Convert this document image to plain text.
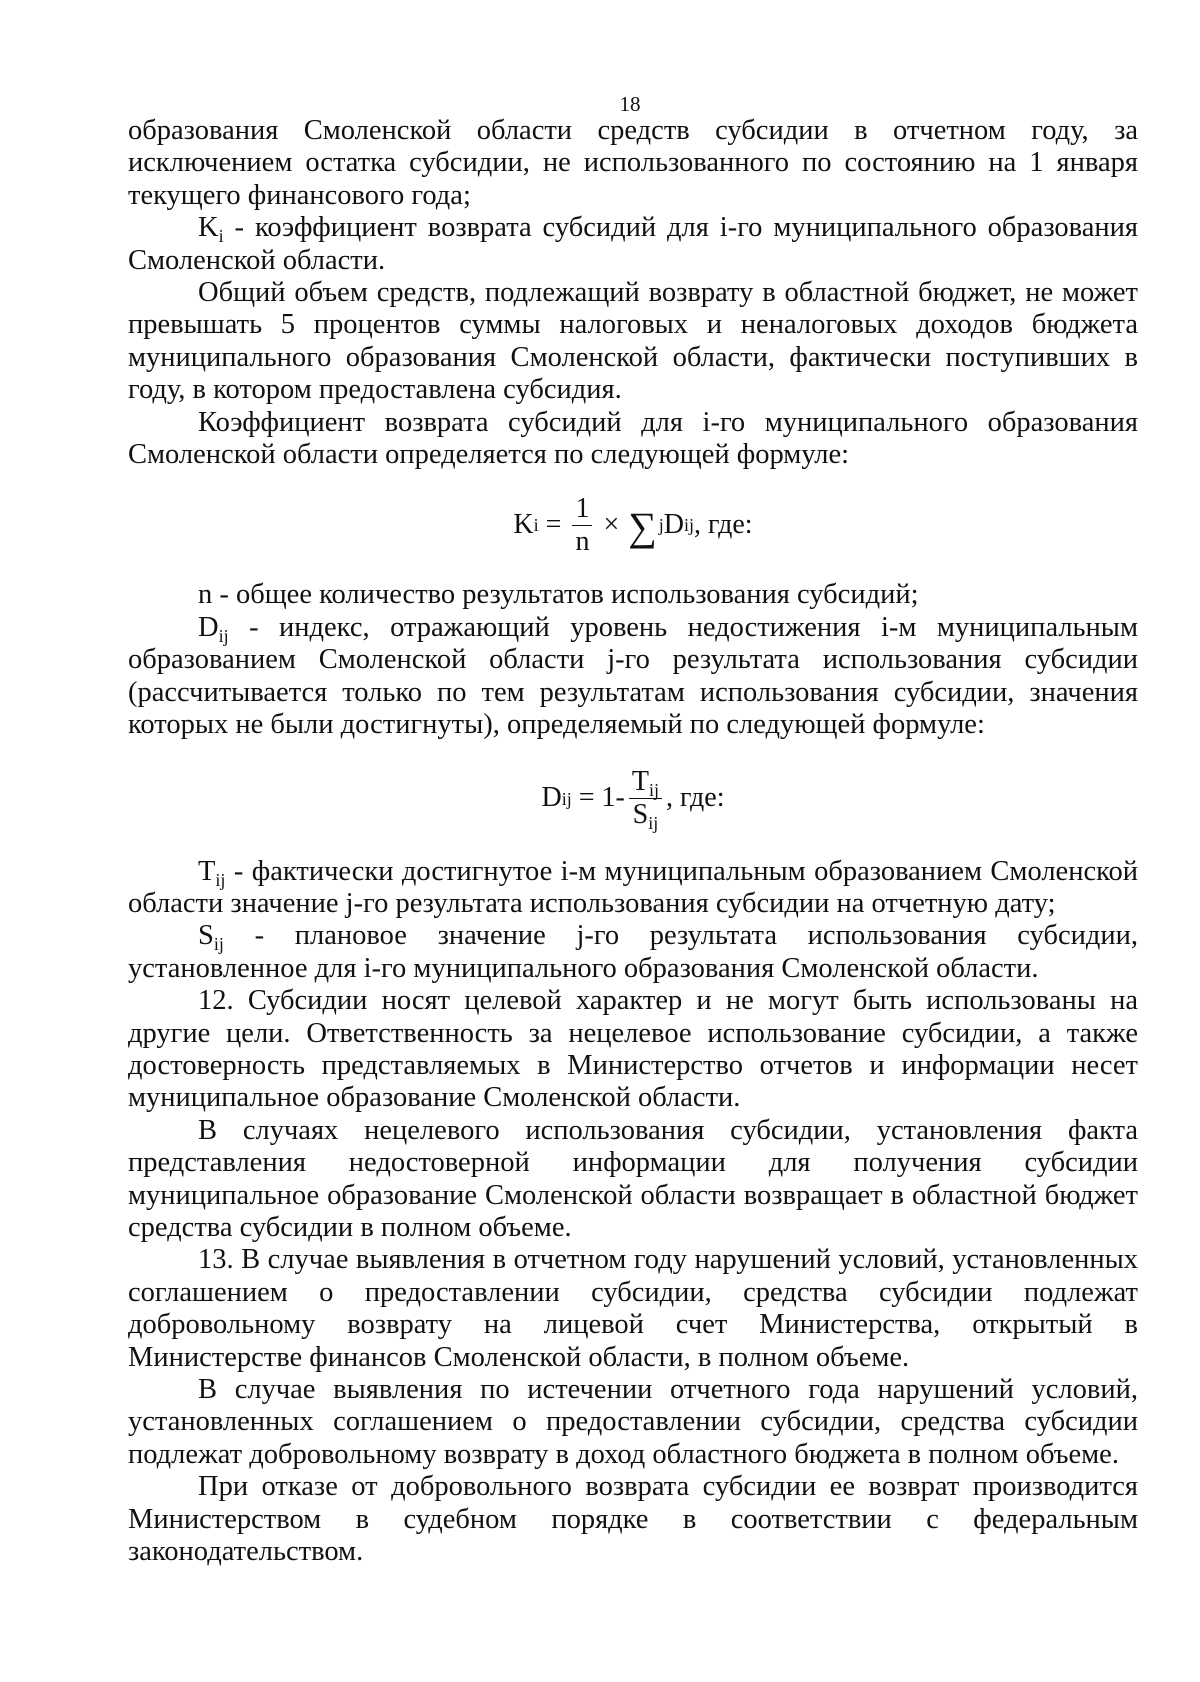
18

образования Смоленской области средств субсидии в отчетном году, за исключением остатка субсидии, не использованного по состоянию на 1 января текущего финансового года;

$K_i$ - коэффициент возврата субсидий для i-го муниципального образования Смоленской области.

Общий объем средств, подлежащий возврату в областной бюджет, не может превышать 5 процентов суммы налоговых и неналоговых доходов бюджета муниципального образования Смоленской области, фактически поступивших в году, в котором предоставлена субсидия.

Коэффициент возврата субсидий для i-го муниципального образования Смоленской области определяется по следующей формуле:

K $i = \frac{1}{n}$ × ∑ j D ij , где:

n - общее количество результатов использования субсидий;

$D_{ij}$ - индекс, отражающий уровень недостижения i-м муниципальным образованием Смоленской области j-го результата использования субсидии (рассчитывается только по тем результатам использования субсидии, значения которых не были достигнуты), определяемый по следующей формуле:

D ij = $1- \frac{T_{ij}}{S_{ij}}$ , где:

$T_{ij}$ - фактически достигнутое i-м муниципальным образованием Смоленской области значение j-го результата использования субсидии на отчетную дату;

$S_{ij}$ - плановое значение j-го результата использования субсидии, установленное для i-го муниципального образования Смоленской области.

12. Субсидии носят целевой характер и не могут быть использованы на другие цели. Ответственность за нецелевое использование субсидии, а также достоверность представляемых в Министерство отчетов и информации несет муниципальное образование Смоленской области.

В случаях нецелевого использования субсидии, установления факта представления недостоверной информации для получения субсидии муниципальное образование Смоленской области возвращает в областной бюджет средства субсидии в полном объеме.

13. В случае выявления в отчетном году нарушений условий, установленных соглашением о предоставлении субсидии, средства субсидии подлежат добровольному возврату на лицевой счет Министерства, открытый в Министерстве финансов Смоленской области, в полном объеме.

В случае выявления по истечении отчетного года нарушений условий, установленных соглашением о предоставлении субсидии, средства субсидии подлежат добровольному возврату в доход областного бюджета в полном объеме.

При отказе от добровольного возврата субсидии ее возврат производится Министерством в судебном порядке в соответствии с федеральным законодательством.
